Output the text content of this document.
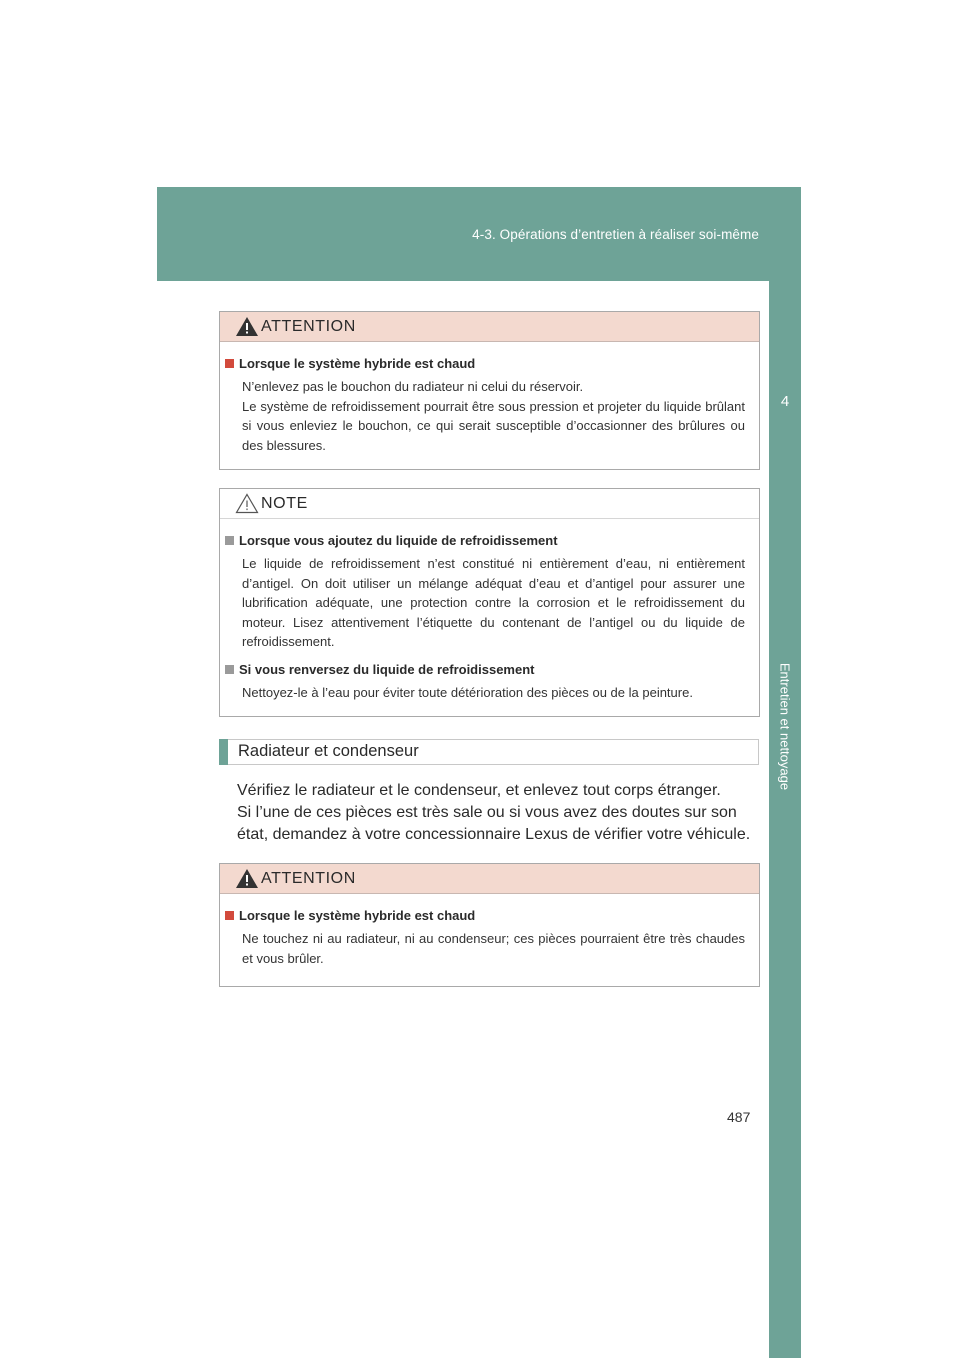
4-3. Opérations d’entretien à réaliser soi-même
4
Entretien et nettoyage
ATTENTION
Lorsque le système hybride est chaud

N’enlevez pas le bouchon du radiateur ni celui du réservoir.

Le système de refroidissement pourrait être sous pression et projeter du liquide brûlant si vous enleviez le bouchon, ce qui serait susceptible d’occasionner des brûlures ou des blessures.

NOTE
Lorsque vous ajoutez du liquide de refroidissement

Le liquide de refroidissement n’est constitué ni entièrement d’eau, ni entièrement d’antigel. On doit utiliser un mélange adéquat d’eau et d’antigel pour assurer une lubrification adéquate, une protection contre la corrosion et le refroidissement du moteur. Lisez attentivement l’étiquette du contenant de l’antigel ou du liquide de refroidissement.

Si vous renversez du liquide de refroidissement

Nettoyez-le à l’eau pour éviter toute détérioration des pièces ou de la peinture.

Radiateur et condenseur

Vérifiez le radiateur et le condenseur, et enlevez tout corps étranger.

Si l’une de ces pièces est très sale ou si vous avez des doutes sur son état, demandez à votre concessionnaire Lexus de vérifier votre véhicule.

ATTENTION
Lorsque le système hybride est chaud

Ne touchez ni au radiateur, ni au condenseur; ces pièces pourraient être très chaudes et vous brûler.

487
